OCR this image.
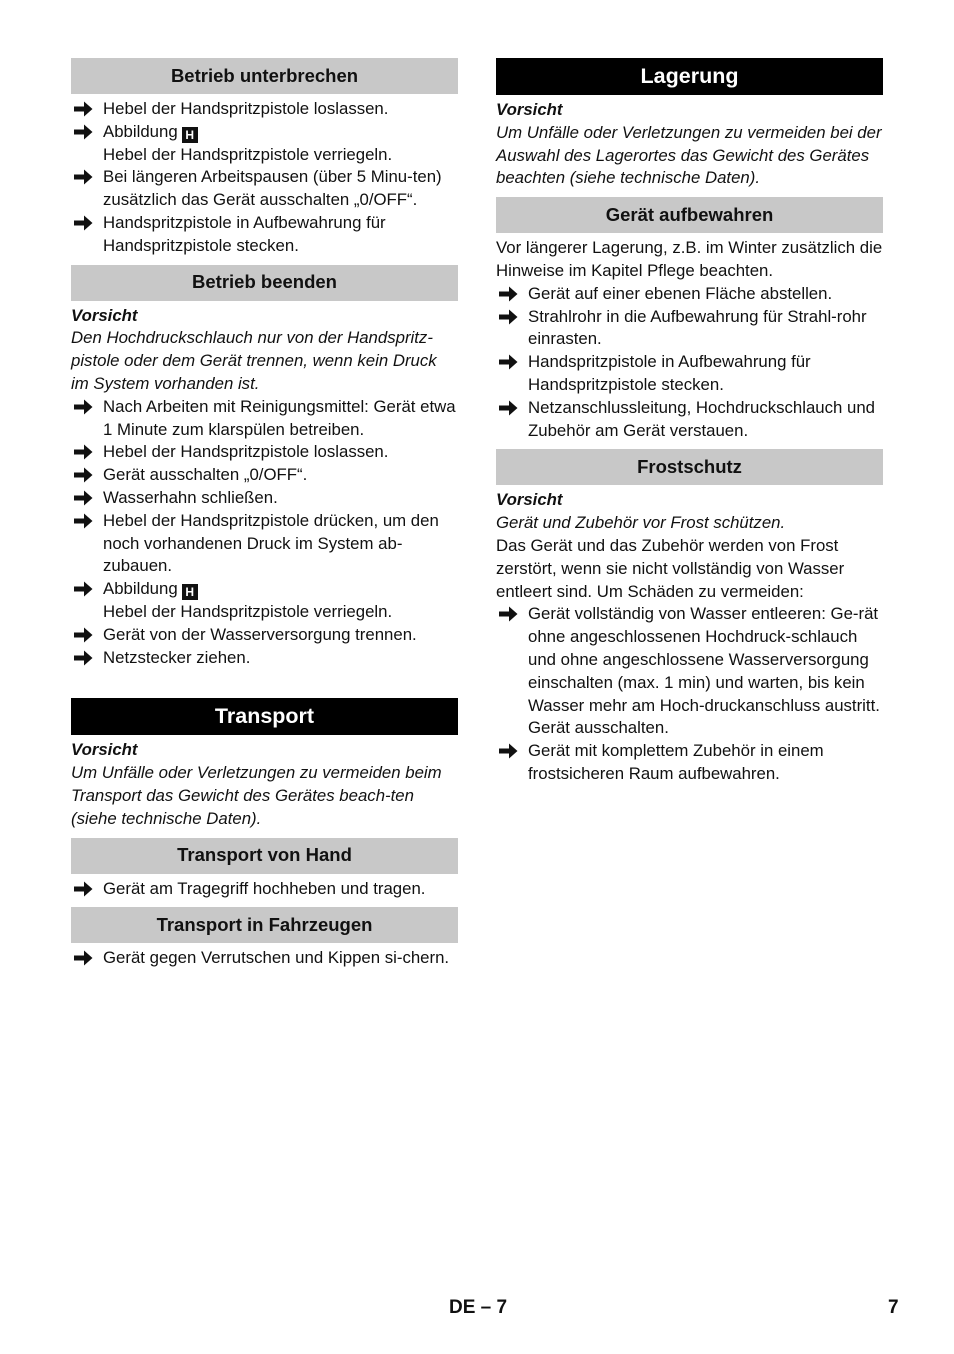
Betrieb unterbrechen
Hebel der Handspritzpistole loslassen.
Abbildung H
Hebel der Handspritzpistole verriegeln.
Bei längeren Arbeitspausen (über 5 Minu-ten) zusätzlich das Gerät ausschalten „0/OFF“.
Handspritzpistole in Aufbewahrung für Handspritzpistole stecken.
Betrieb beenden
Vorsicht
Den Hochdruckschlauch nur von der Handspritz-pistole oder dem Gerät trennen, wenn kein Druck im System vorhanden ist.
Nach Arbeiten mit Reinigungsmittel: Gerät etwa 1 Minute zum klarspülen betreiben.
Hebel der Handspritzpistole loslassen.
Gerät ausschalten „0/OFF“.
Wasserhahn schließen.
Hebel der Handspritzpistole drücken, um den noch vorhandenen Druck im System ab-zubauen.
Abbildung H
Hebel der Handspritzpistole verriegeln.
Gerät von der Wasserversorgung trennen.
Netzstecker ziehen.
Transport
Vorsicht
Um Unfälle oder Verletzungen zu vermeiden beim Transport das Gewicht des Gerätes beach-ten (siehe technische Daten).
Transport von Hand
Gerät am Tragegriff hochheben und tragen.
Transport in Fahrzeugen
Gerät gegen Verrutschen und Kippen si-chern.
Lagerung
Vorsicht
Um Unfälle oder Verletzungen zu vermeiden bei der Auswahl des Lagerortes das Gewicht des Gerätes beachten (siehe technische Daten).
Gerät aufbewahren
Vor längerer Lagerung, z.B. im Winter zusätzlich die Hinweise im Kapitel Pflege beachten.
Gerät auf einer ebenen Fläche abstellen.
Strahlrohr in die Aufbewahrung für Strahl-rohr einrasten.
Handspritzpistole in Aufbewahrung für Handspritzpistole stecken.
Netzanschlussleitung, Hochdruckschlauch und Zubehör am Gerät verstauen.
Frostschutz
Vorsicht
Gerät und Zubehör vor Frost schützen.
Das Gerät und das Zubehör werden von Frost zerstört, wenn sie nicht vollständig von Wasser entleert sind. Um Schäden zu vermeiden:
Gerät vollständig von Wasser entleeren: Ge-rät ohne angeschlossenen Hochdruck-schlauch und ohne angeschlossene Wasserversorgung einschalten (max. 1 min) und warten, bis kein Wasser mehr am Hoch-druckanschluss austritt. Gerät ausschalten.
Gerät mit komplettem Zubehör in einem frostsicheren Raum aufbewahren.
DE – 7	7
